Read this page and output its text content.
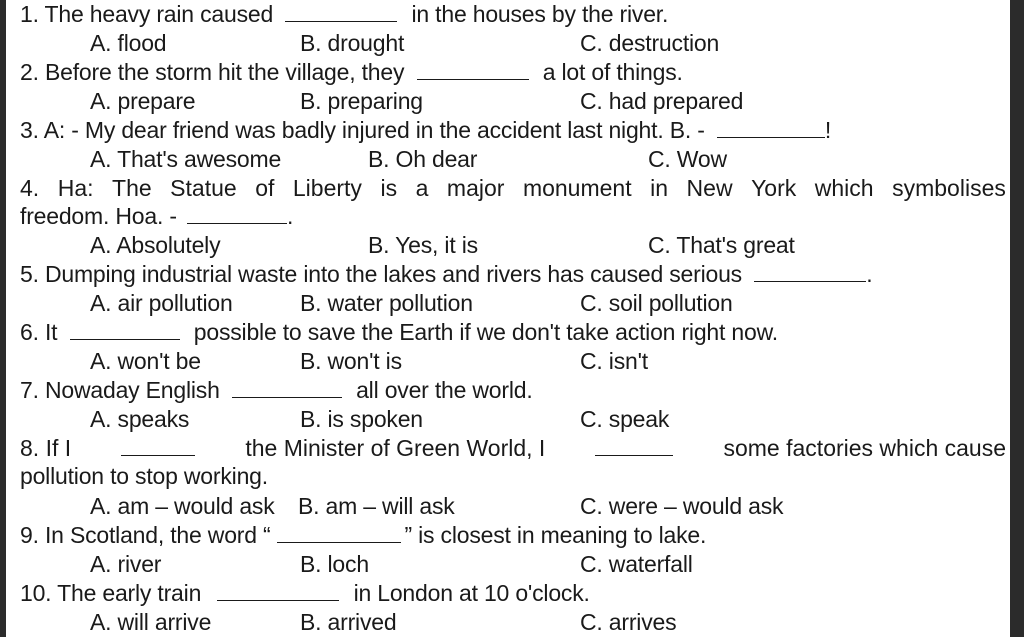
1. The heavy rain caused	in the houses by the river.
A. flood	B. drought	C. destruction
2. Before the storm hit the village, they	a lot of things.
A. prepare	B. preparing	C. had prepared
3. A: - My dear friend was badly injured in the accident last night. B. -	!
A. That's awesome	B. Oh dear	C. Wow
4. Ha: The Statue of Liberty is a major monument in New York which symbolises
freedom. Hoa. -	.
A. Absolutely	B. Yes, it is	C. That's great
5. Dumping industrial waste into the lakes and rivers has caused serious	.
A. air pollution	B. water pollution	C. soil pollution
6. It	possible to save the Earth if we don't take action right now.
A. won't be	B. won't is	C. isn't
7. Nowaday English	all over the world.
A. speaks	B. is spoken	C. speak
8. If I	the Minister of Green World, I	some factories which cause
pollution to stop working.
A. am – would ask B. am – will ask	C. were – would ask
9. In Scotland, the word “	” is closest in meaning to lake.
A. river	B. loch	C. waterfall
10. The early train	in London at 10 o'clock.
A. will arrive	B. arrived	C. arrives
